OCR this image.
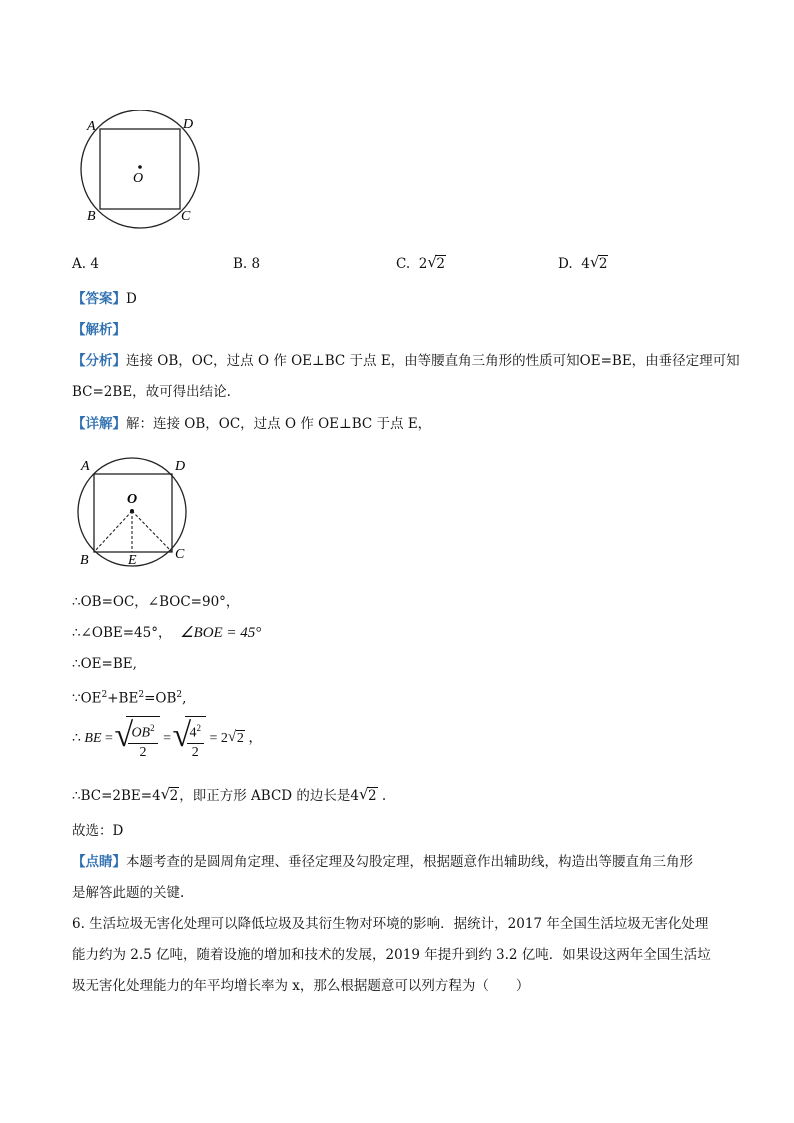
A	D
B	C
O
A. 4	B. 8	C. 2 √ 2	D. 4 √ 2
【答案】D
【解析】
【分析】连接 OB，OC，过点 O 作 OE⊥BC 于点 E，由等腰直角三角形的性质可知OE=BE，由垂径定理可知
BC=2BE，故可得出结论.
【详解】解：连接 OB，OC，过点 O 作 OE⊥BC 于点 E，
A	D
O
B	E	C
∴OB=OC，∠BOC=90°，
∴∠OBE=45°， ∠BOE = 45°
∴OE=BE,
$\because OE^2+BE^2=OB^2$,
∴ BE = √
$\frac{OB^2}{2}$ = √
$\frac{4^2}{2} = 2$ √ 2 ，
∴BC=2BE=4 √ 2，即正方形 ABCD 的边长是4 √ 2 .
故选：D
【点睛】本题考查的是圆周角定理、垂径定理及勾股定理，根据题意作出辅助线，构造出等腰直角三角形
是解答此题的关键.
6. 生活垃圾无害化处理可以降低垃圾及其衍生物对环境的影响．据统计，2017 年全国生活垃圾无害化处理
能力约为 2.5 亿吨，随着设施的增加和技术的发展，2019 年提升到约 3.2 亿吨．如果设这两年全国生活垃
圾无害化处理能力的年平均增长率为 x，那么根据题意可以列方程为（　　）
